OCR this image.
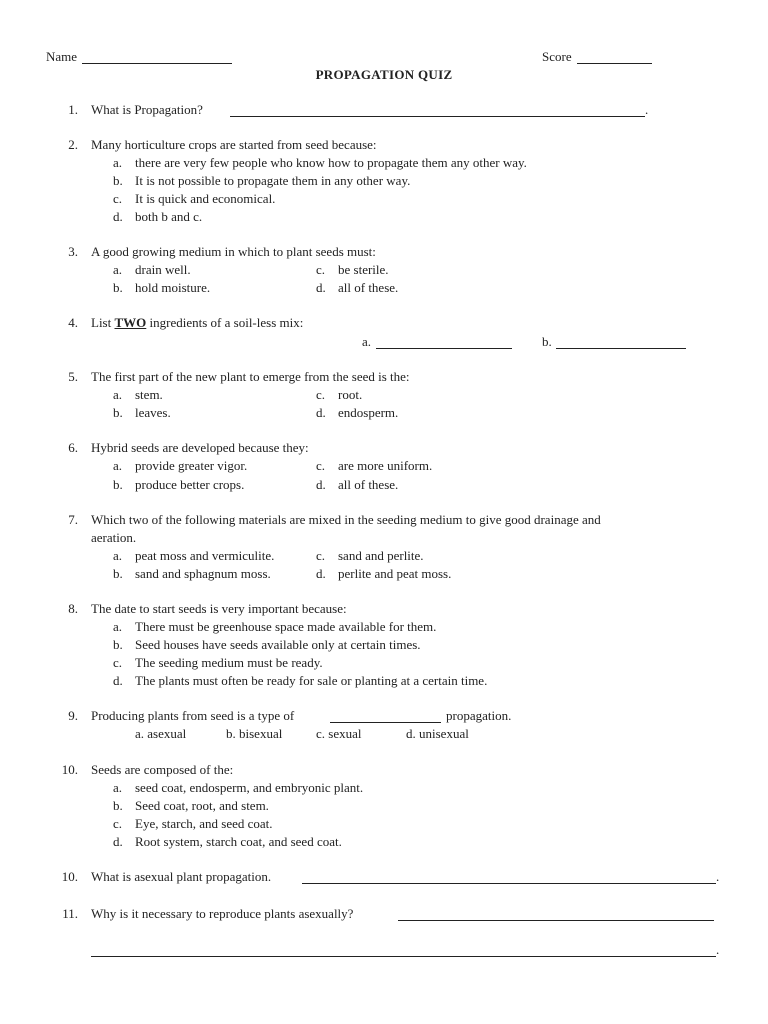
Name	Score
PROPAGATION QUIZ
1. What is Propagation?	.
2. Many horticulture crops are started from seed because:
a. there are very few people who know how to propagate them any other way.
b. It is not possible to propagate them in any other way.
c. It is quick and economical.
d. both b and c.
3. A good growing medium in which to plant seeds must:
a. drain well.	c. be sterile.
b. hold moisture.	d. all of these.
4. List TWO ingredients of a soil-less mix:
a.	b.
5. The first part of the new plant to emerge from the seed is the:
a. stem.	c. root.
b. leaves.	d. endosperm.
6. Hybrid seeds are developed because they:
a. provide greater vigor.	c. are more uniform.
b. produce better crops.	d. all of these.
7. Which two of the following materials are mixed in the seeding medium to give good drainage and
aeration.
a. peat moss and vermiculite.	c. sand and perlite.
b. sand and sphagnum moss.	d. perlite and peat moss.
8. The date to start seeds is very important because:
a. There must be greenhouse space made available for them.
b. Seed houses have seeds available only at certain times.
c. The seeding medium must be ready.
d. The plants must often be ready for sale or planting at a certain time.
9. Producing plants from seed is a type of	propagation.
a. asexual	b. bisexual	c. sexual	d. unisexual
10. Seeds are composed of the:
a. seed coat, endosperm, and embryonic plant.
b. Seed coat, root, and stem.
c. Eye, starch, and seed coat.
d. Root system, starch coat, and seed coat.
10. What is asexual plant propagation.	.
11. Why is it necessary to reproduce plants asexually?
.
